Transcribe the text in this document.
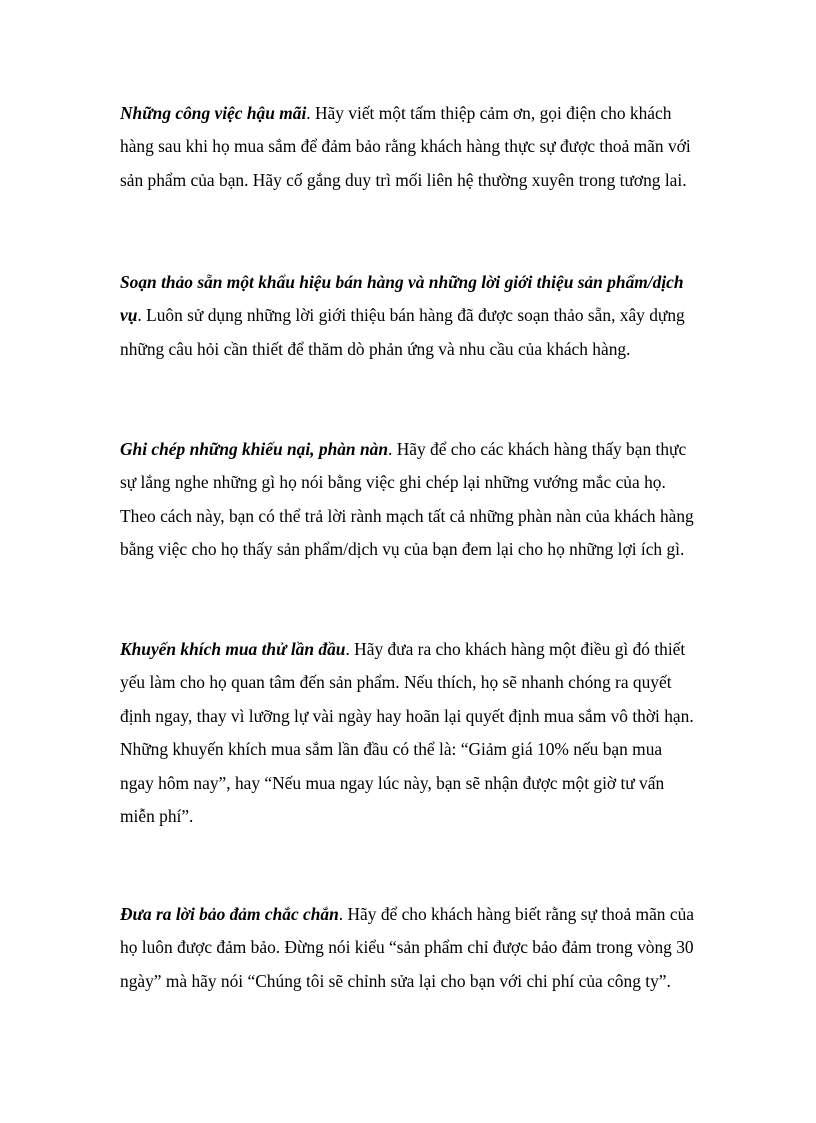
Những công việc hậu mãi. Hãy viết một tấm thiệp cảm ơn, gọi điện cho khách
hàng sau khi họ mua sắm để đảm bảo rằng khách hàng thực sự được thoả mãn với
sản phẩm của bạn. Hãy cố gắng duy trì mối liên hệ thường xuyên trong tương lai.

Soạn thảo sẵn một khẩu hiệu bán hàng và những lời giới thiệu sản phẩm/dịch
vụ. Luôn sử dụng những lời giới thiệu bán hàng đã được soạn thảo sẵn, xây dựng
những câu hỏi cần thiết để thăm dò phản ứng và nhu cầu của khách hàng.

Ghi chép những khiếu nại, phàn nàn. Hãy để cho các khách hàng thấy bạn thực
sự lắng nghe những gì họ nói bằng việc ghi chép lại những vướng mắc của họ.
Theo cách này, bạn có thể trả lời rành mạch tất cả những phàn nàn của khách hàng
bằng việc cho họ thấy sản phẩm/dịch vụ của bạn đem lại cho họ những lợi ích gì.

Khuyến khích mua thử lần đầu. Hãy đưa ra cho khách hàng một điều gì đó thiết
yếu làm cho họ quan tâm đến sản phẩm. Nếu thích, họ sẽ nhanh chóng ra quyết
định ngay, thay vì lưỡng lự vài ngày hay hoãn lại quyết định mua sắm vô thời hạn.
Những khuyến khích mua sắm lần đầu có thể là: “Giảm giá 10% nếu bạn mua
ngay hôm nay”, hay “Nếu mua ngay lúc này, bạn sẽ nhận được một giờ tư vấn
miễn phí”.

Đưa ra lời bảo đảm chắc chắn. Hãy để cho khách hàng biết rằng sự thoả mãn của
họ luôn được đảm bảo. Đừng nói kiểu “sản phẩm chỉ được bảo đảm trong vòng 30
ngày” mà hãy nói “Chúng tôi sẽ chỉnh sửa lại cho bạn với chi phí của công ty”.
